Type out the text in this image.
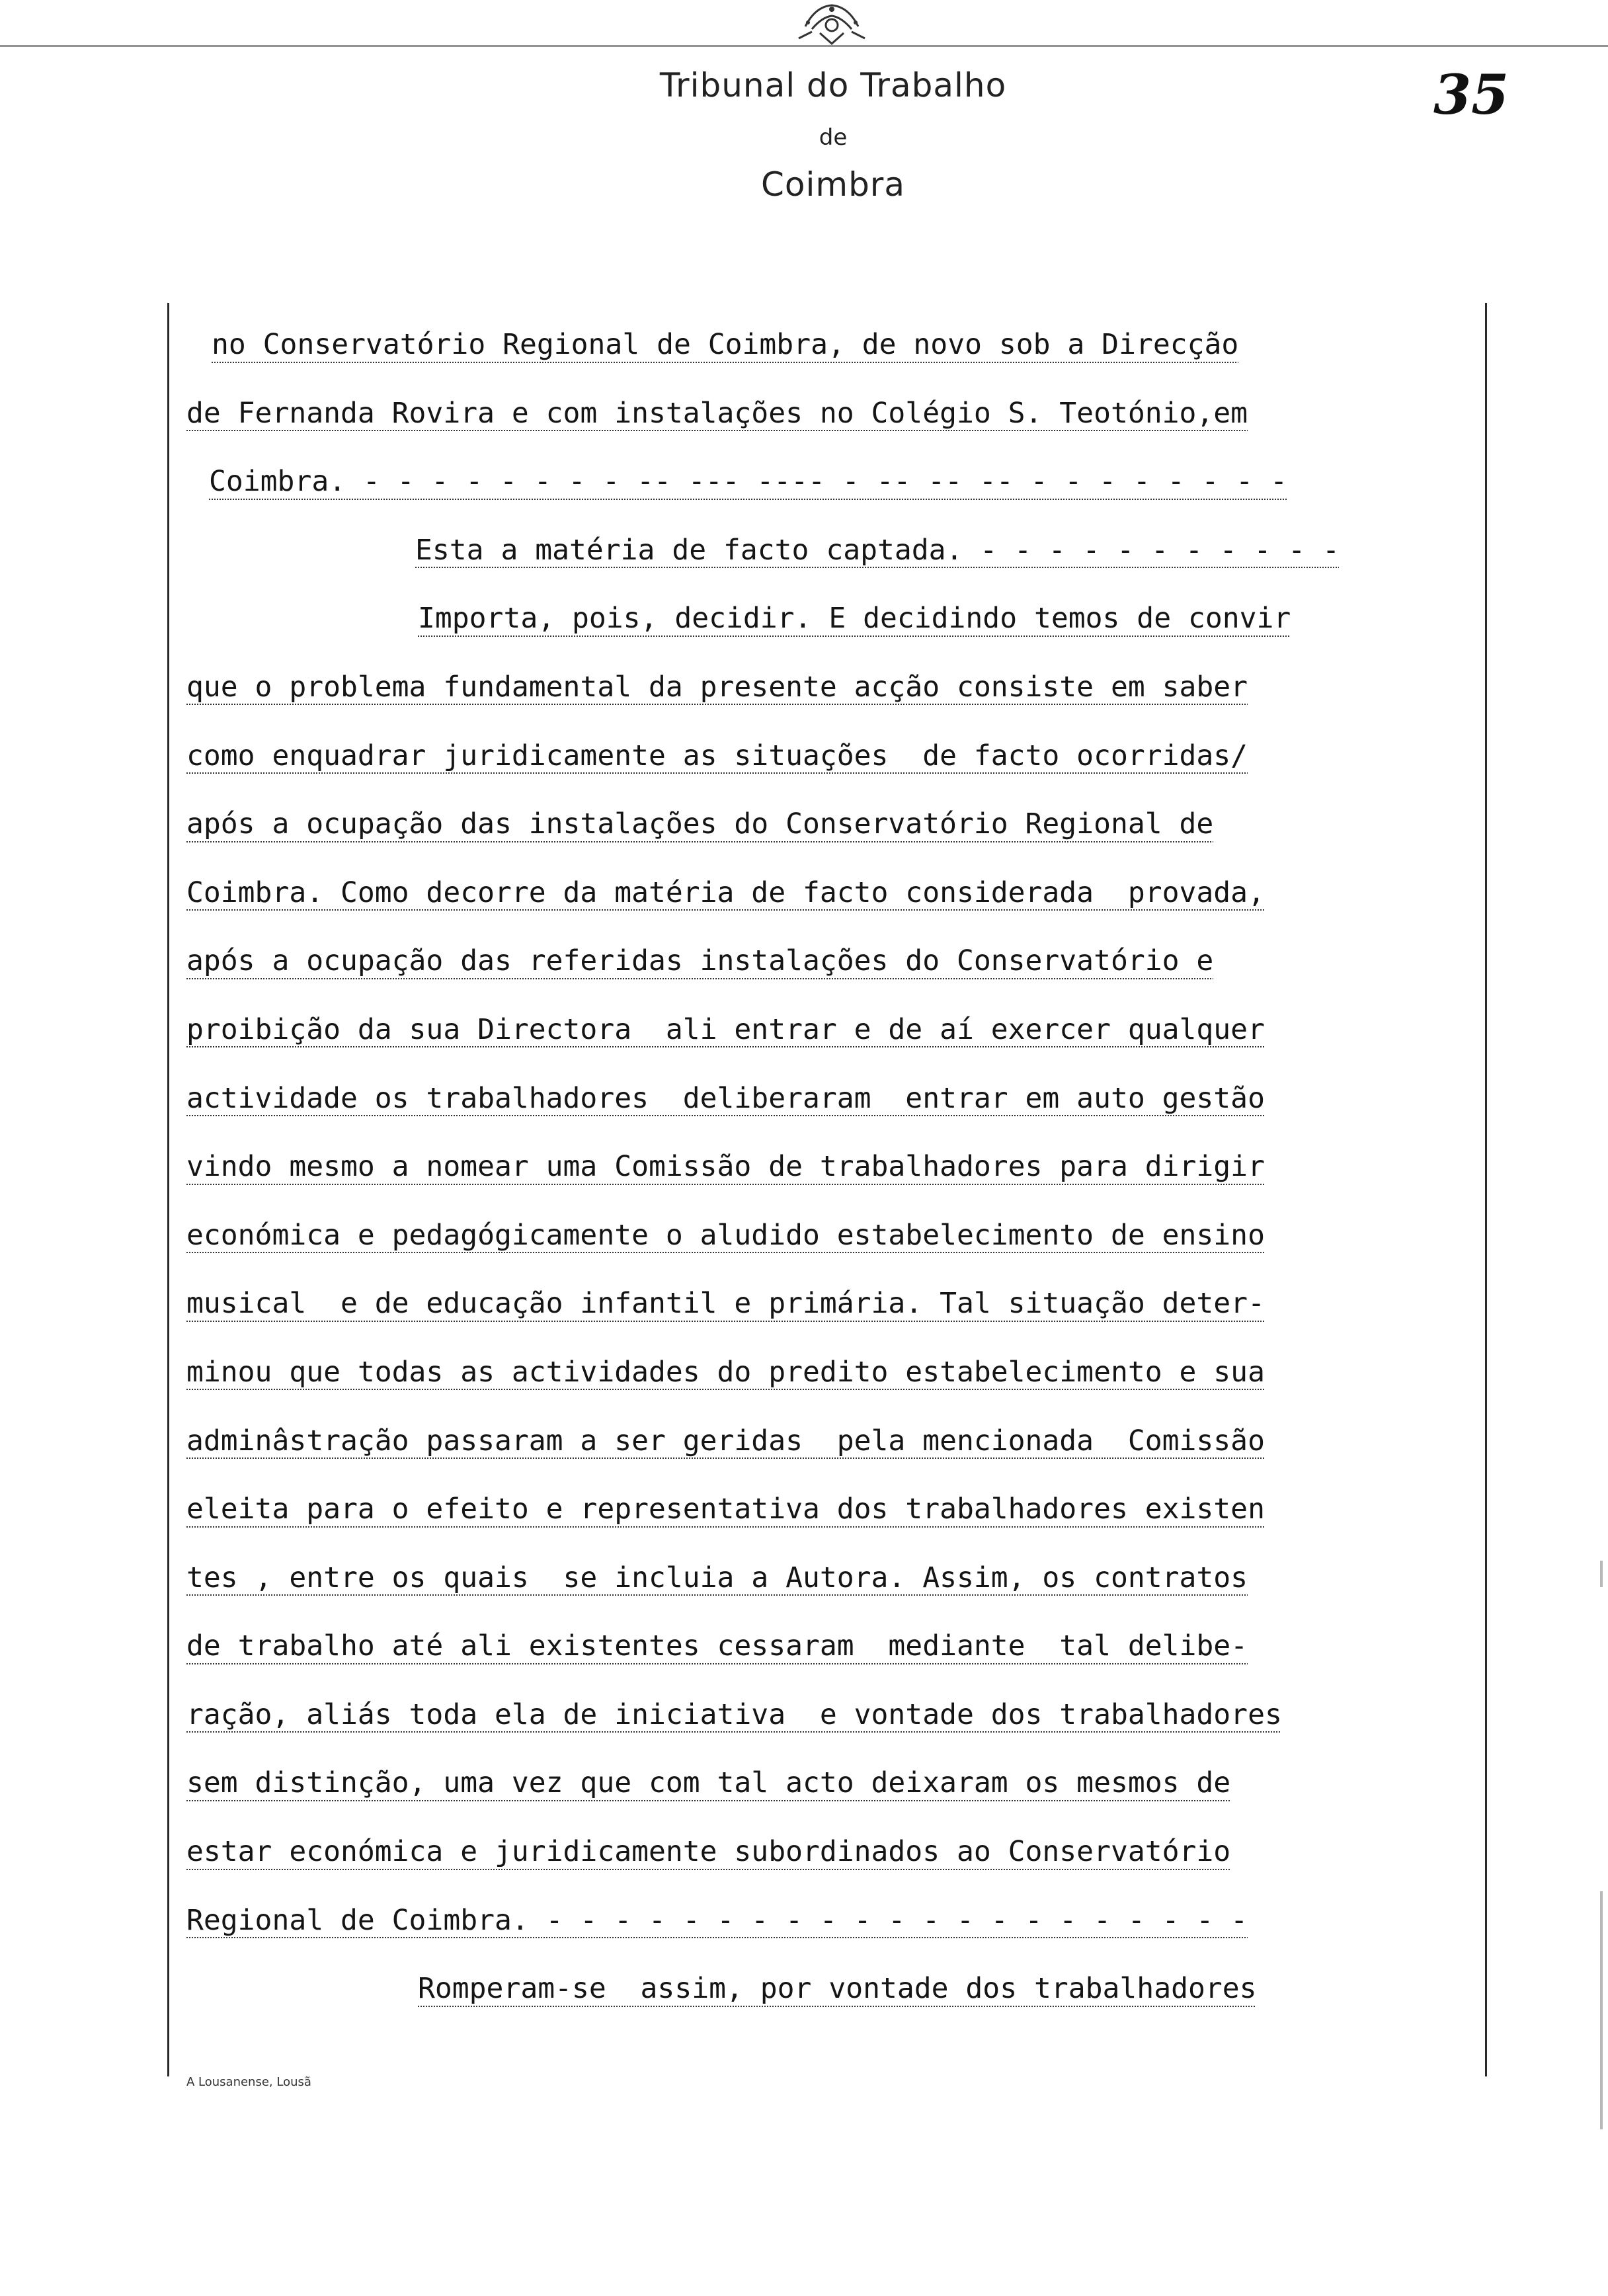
Tribunal do Trabalho
de
Coimbra
35
no Conservatório Regional de Coimbra, de novo sob a Direcção
de Fernanda Rovira e com instalações no Colégio S. Teotónio,em
Coimbra. - - - - - - - - -- --- ---- - -- -- -- - - - - - - - -
Esta a matéria de facto captada. - - - - - - - - - - -
Importa, pois, decidir. E decidindo temos de convir
que o problema fundamental da presente acção consiste em saber
como enquadrar juridicamente as situações  de facto ocorridas/
após a ocupação das instalações do Conservatório Regional de
Coimbra. Como decorre da matéria de facto considerada  provada,
após a ocupação das referidas instalações do Conservatório e
proibição da sua Directora  ali entrar e de aí exercer qualquer
actividade os trabalhadores  deliberaram  entrar em auto gestão
vindo mesmo a nomear uma Comissão de trabalhadores para dirigir
económica e pedagógicamente o aludido estabelecimento de ensino
musical  e de educação infantil e primária. Tal situação deter-
minou que todas as actividades do predito estabelecimento e sua
adminâstração passaram a ser geridas  pela mencionada  Comissão
eleita para o efeito e representativa dos trabalhadores existen
tes , entre os quais  se incluia a Autora. Assim, os contratos
de trabalho até ali existentes cessaram  mediante  tal delibe-
ração, aliás toda ela de iniciativa  e vontade dos trabalhadores
sem distinção, uma vez que com tal acto deixaram os mesmos de
estar económica e juridicamente subordinados ao Conservatório
Regional de Coimbra. - - - - - - - - - - - - - - - - - - - - -
Romperam-se  assim, por vontade dos trabalhadores
A Lousanense, Lousã
